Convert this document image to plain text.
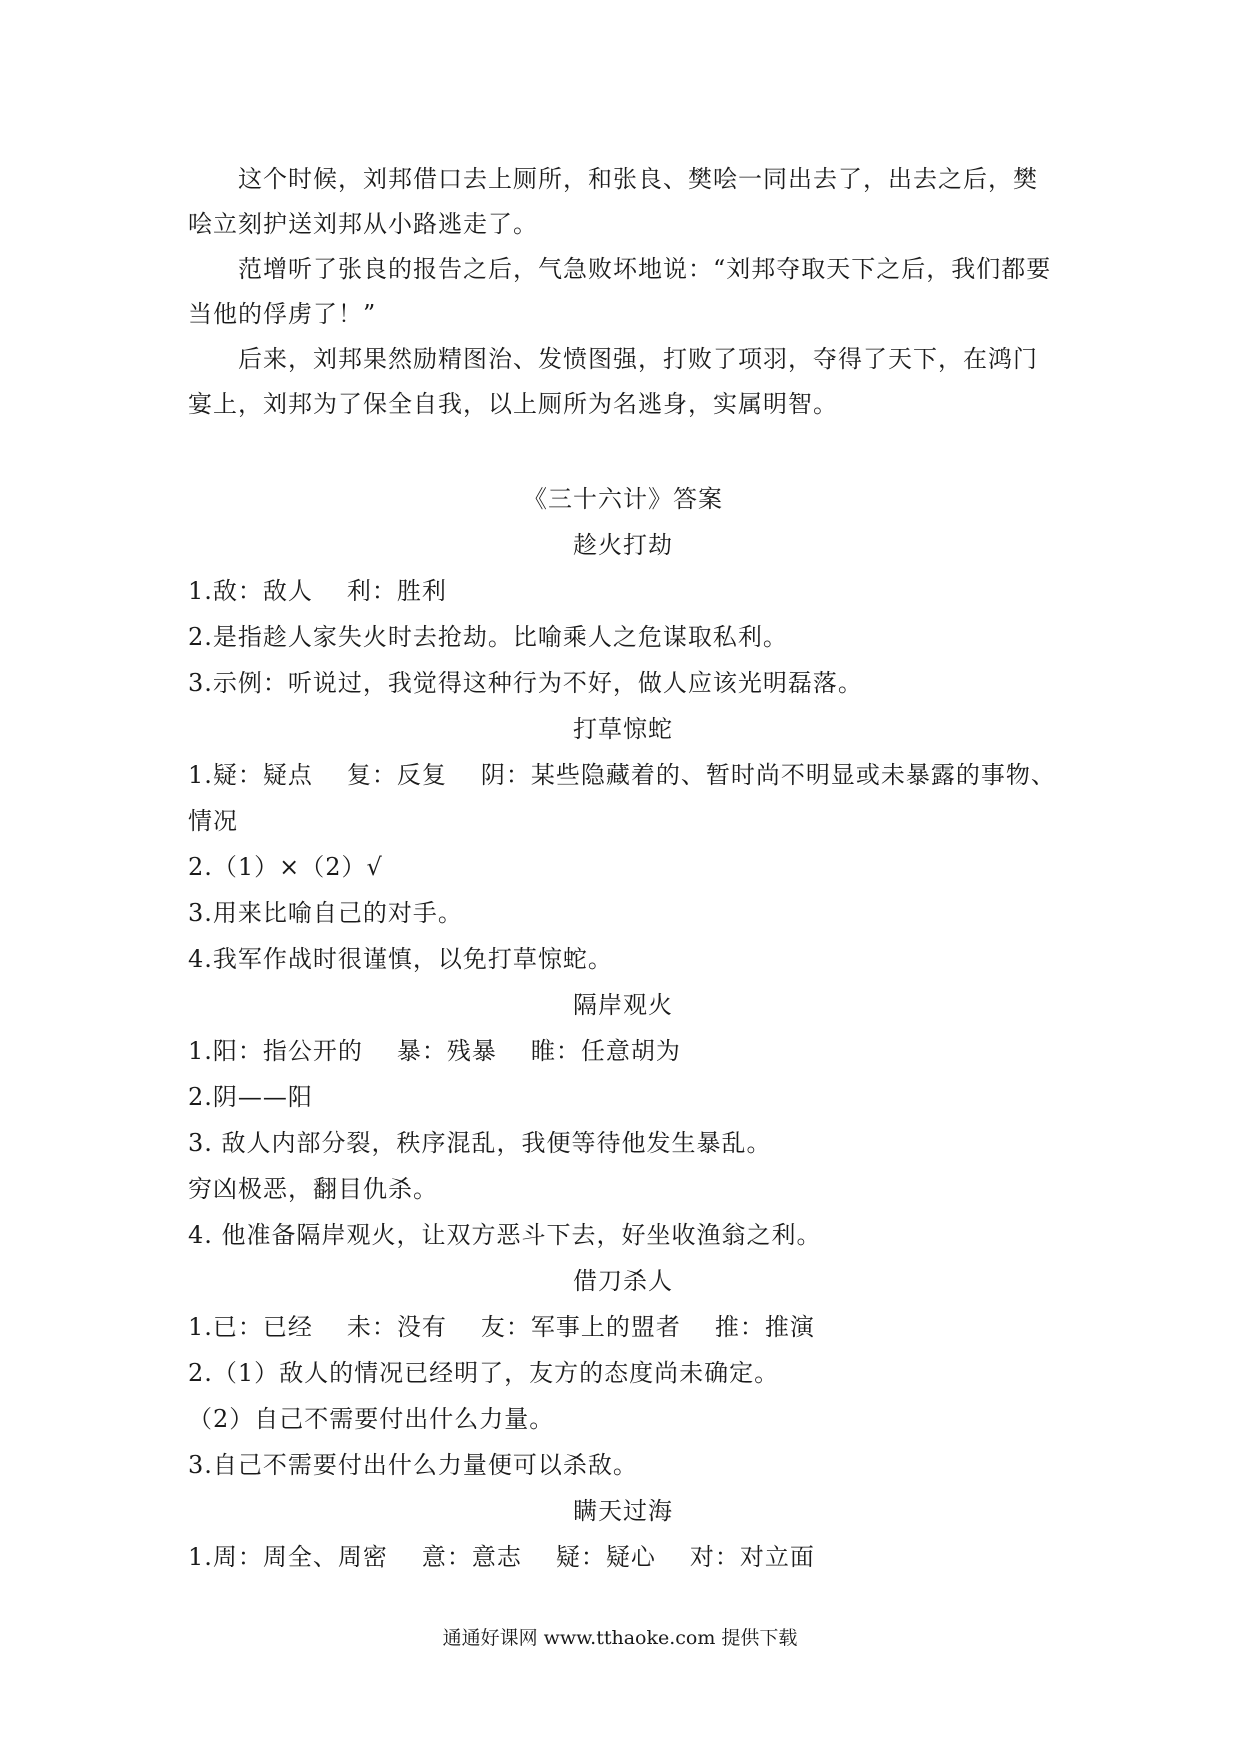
这个时候，刘邦借口去上厕所，和张良、樊哙一同出去了，出去之后，樊哙立刻护送刘邦从小路逃走了。

范增听了张良的报告之后，气急败坏地说：“刘邦夺取天下之后，我们都要当他的俘虏了！”

后来，刘邦果然励精图治、发愤图强，打败了项羽，夺得了天下，在鸿门宴上，刘邦为了保全自我，以上厕所为名逃身，实属明智。

《三十六计》答案

趁火打劫

1.敌：敌人 利：胜利

2.是指趁人家失火时去抢劫。比喻乘人之危谋取私利。

3.示例：听说过，我觉得这种行为不好，做人应该光明磊落。

打草惊蛇

1.疑：疑点 复：反复 阴：某些隐藏着的、暂时尚不明显或未暴露的事物、情况

2.（1）×（2）√

3.用来比喻自己的对手。

4.我军作战时很谨慎，以免打草惊蛇。

隔岸观火

1.阳：指公开的 暴：残暴 睢：任意胡为

2.阴——阳

3. 敌人内部分裂，秩序混乱，我便等待他发生暴乱。

穷凶极恶，翻目仇杀。

4. 他准备隔岸观火，让双方恶斗下去，好坐收渔翁之利。

借刀杀人

1.已：已经 未：没有 友：军事上的盟者 推：推演

2.（1）敌人的情况已经明了，友方的态度尚未确定。

（2）自己不需要付出什么力量。

3.自己不需要付出什么力量便可以杀敌。

瞒天过海

1.周：周全、周密 意：意志 疑：疑心 对：对立面

通通好课网 www.tthaoke.com 提供下载
